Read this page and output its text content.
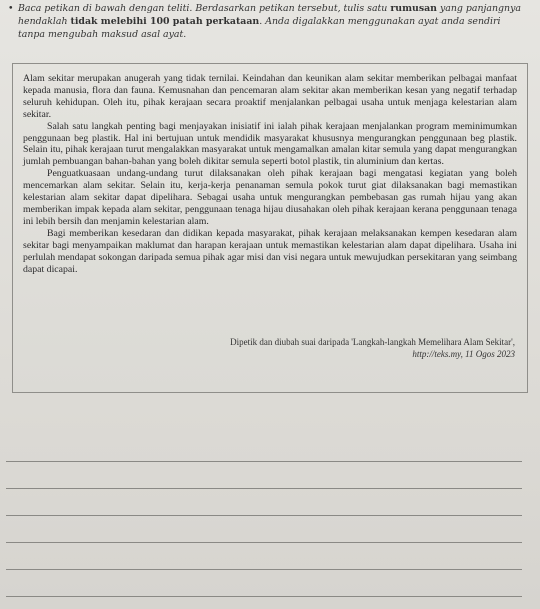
• Baca petikan di bawah dengan teliti. Berdasarkan petikan tersebut, tulis satu rumusan yang panjangnya
hendaklah tidak melebihi 100 patah perkataan. Anda digalakkan menggunakan ayat anda sendiri
tanpa mengubah maksud asal ayat.

Alam sekitar merupakan anugerah yang tidak ternilai. Keindahan dan keunikan alam sekitar memberikan pelbagai manfaat kepada manusia, flora dan fauna. Kemusnahan dan pencemaran alam sekitar akan memberikan kesan yang negatif terhadap seluruh kehidupan. Oleh itu, pihak kerajaan secara proaktif menjalankan pelbagai usaha untuk menjaga kelestarian alam sekitar.

Salah satu langkah penting bagi menjayakan inisiatif ini ialah pihak kerajaan menjalankan program meminimumkan penggunaan beg plastik. Hal ini bertujuan untuk mendidik masyarakat khususnya mengurangkan penggunaan beg plastik. Selain itu, pihak kerajaan turut mengalakkan masyarakat untuk mengamalkan amalan kitar semula yang dapat mengurangkan jumlah pembuangan bahan-bahan yang boleh dikitar semula seperti botol plastik, tin aluminium dan kertas.

Penguatkuasaan undang-undang turut dilaksanakan oleh pihak kerajaan bagi mengatasi kegiatan yang boleh mencemarkan alam sekitar. Selain itu, kerja-kerja penanaman semula pokok turut giat dilaksanakan bagi memastikan kelestarian alam sekitar dapat dipelihara. Sebagai usaha untuk mengurangkan pembebasan gas rumah hijau yang akan memberikan impak kepada alam sekitar, penggunaan tenaga hijau diusahakan oleh pihak kerajaan kerana penggunaan tenaga ini lebih bersih dan menjamin kelestarian alam.

Bagi memberikan kesedaran dan didikan kepada masyarakat, pihak kerajaan melaksanakan kempen kesedaran alam sekitar bagi menyampaikan maklumat dan harapan kerajaan untuk memastikan kelestarian alam dapat dipelihara. Usaha ini perlulah mendapat sokongan daripada semua pihak agar misi dan visi negara untuk mewujudkan persekitaran yang seimbang dapat dicapai.

Dipetik dan diubah suai daripada 'Langkah-langkah Memelihara Alam Sekitar',
http://teks.my, 11 Ogos 2023
